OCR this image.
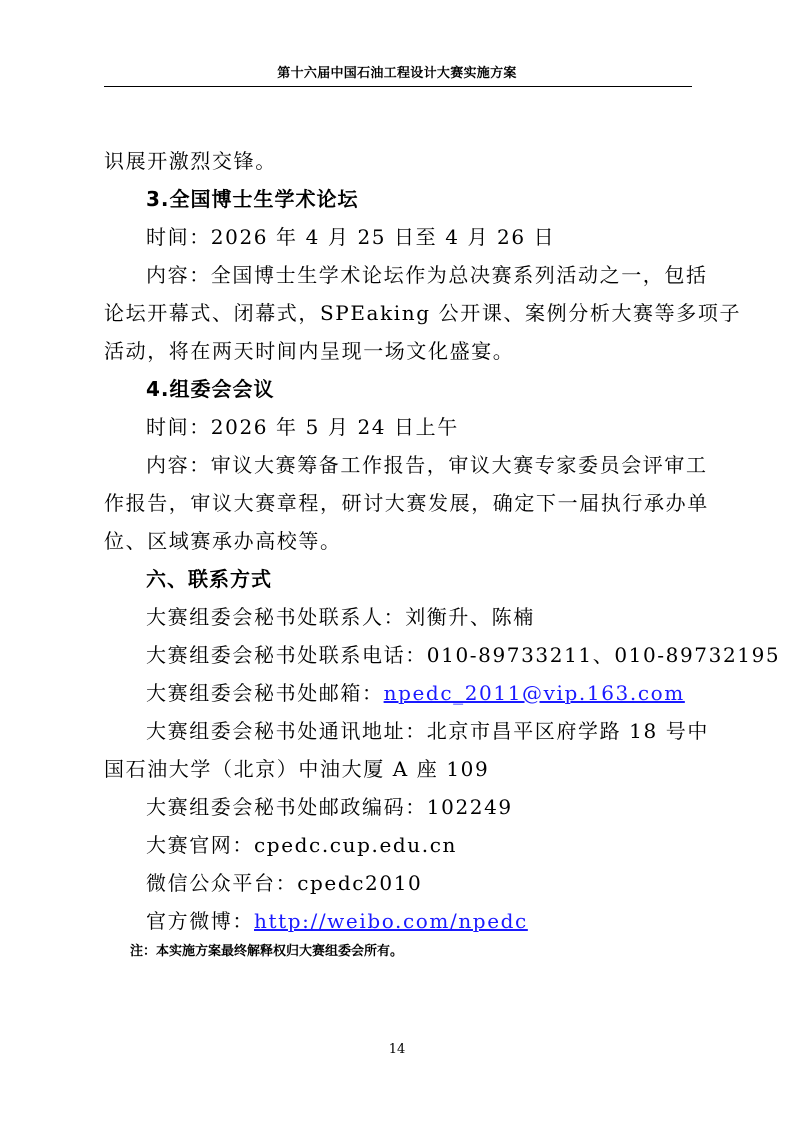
第十六届中国石油工程设计大赛实施方案
识展开激烈交锋。
3.全国博士生学术论坛
时间：2026 年 4 月 25 日至 4 月 26 日
内容：全国博士生学术论坛作为总决赛系列活动之一，包括
论坛开幕式、闭幕式，SPEaking 公开课、案例分析大赛等多项子
活动，将在两天时间内呈现一场文化盛宴。
4.组委会会议
时间：2026 年 5 月 24 日上午
内容：审议大赛筹备工作报告，审议大赛专家委员会评审工
作报告，审议大赛章程，研讨大赛发展，确定下一届执行承办单
位、区域赛承办高校等。
六、联系方式
大赛组委会秘书处联系人：刘衡升、陈楠
大赛组委会秘书处联系电话：010-89733211、010-89732195
大赛组委会秘书处邮箱：npedc_2011@vip.163.com
大赛组委会秘书处通讯地址：北京市昌平区府学路 18 号中
国石油大学（北京）中油大厦 A 座 109
大赛组委会秘书处邮政编码：102249
大赛官网：cpedc.cup.edu.cn
微信公众平台：cpedc2010
官方微博：http://weibo.com/npedc
注：本实施方案最终解释权归大赛组委会所有。
14
